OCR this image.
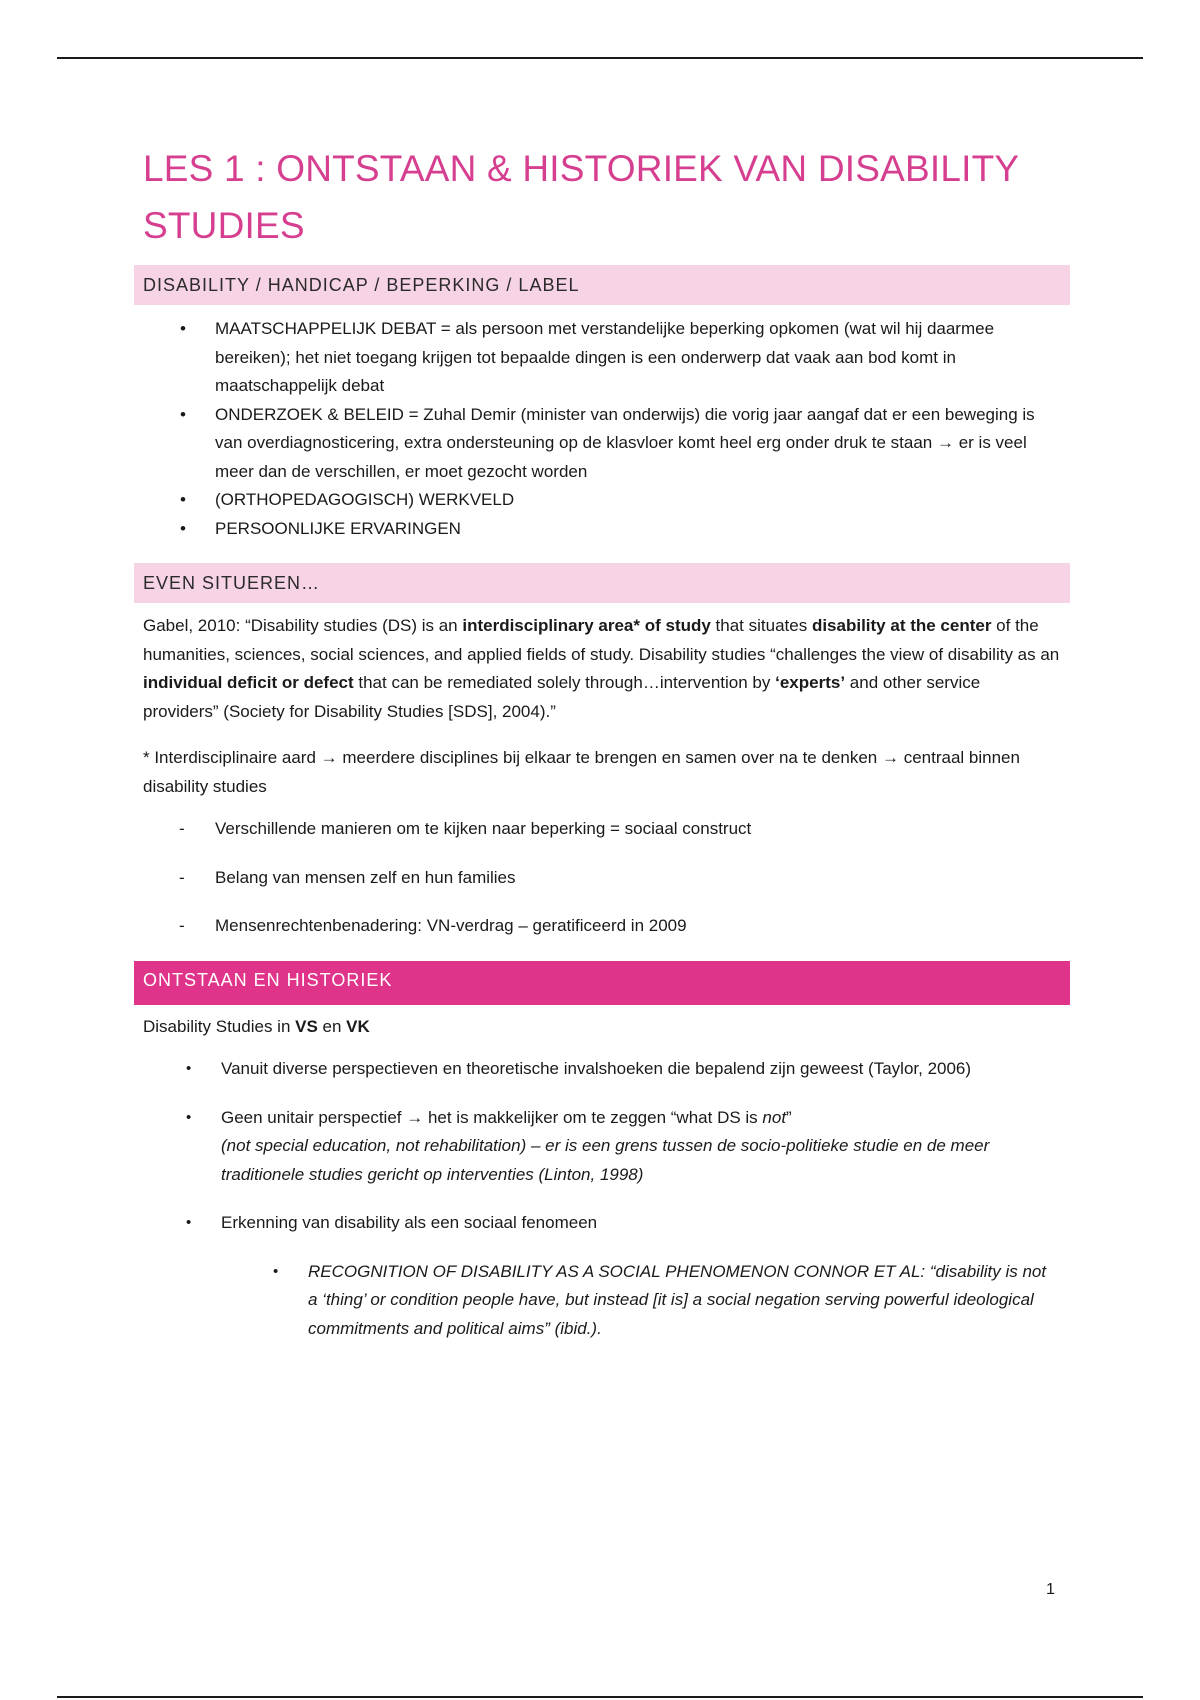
LES 1 : ONTSTAAN & HISTORIEK VAN DISABILITY STUDIES
DISABILITY / HANDICAP / BEPERKING / LABEL
• MAATSCHAPPELIJK DEBAT = als persoon met verstandelijke beperking opkomen (wat wil hij daarmee bereiken); het niet toegang krijgen tot bepaalde dingen is een onderwerp dat vaak aan bod komt in maatschappelijk debat
• ONDERZOEK & BELEID = Zuhal Demir (minister van onderwijs) die vorig jaar aangaf dat er een beweging is van overdiagnosticering, extra ondersteuning op de klasvloer komt heel erg onder druk te staan → er is veel meer dan de verschillen, er moet gezocht worden
• (ORTHOPEDAGOGISCH) WERKVELD
• PERSOONLIJKE ERVARINGEN
EVEN SITUEREN…

Gabel, 2010: “Disability studies (DS) is an interdisciplinary area* of study that situates disability at the center of the humanities, sciences, social sciences, and applied fields of study. Disability studies “challenges the view of disability as an individual deficit or defect that can be remediated solely through…intervention by ‘experts’ and other service providers” (Society for Disability Studies [SDS], 2004).”

* Interdisciplinaire aard → meerdere disciplines bij elkaar te brengen en samen over na te denken → centraal binnen disability studies

- Verschillende manieren om te kijken naar beperking = sociaal construct
- Belang van mensen zelf en hun families
- Mensenrechtenbenadering: VN-verdrag – geratificeerd in 2009
ONTSTAAN EN HISTORIEK

Disability Studies in VS en VK

• Vanuit diverse perspectieven en theoretische invalshoeken die bepalend zijn geweest (Taylor, 2006)
• Geen unitair perspectief → het is makkelijker om te zeggen “what DS is not”
(not special education, not rehabilitation) – er is een grens tussen de socio-politieke studie en de meer traditionele studies gericht op interventies (Linton, 1998)
• Erkenning van disability als een sociaal fenomeen
• RECOGNITION OF DISABILITY AS A SOCIAL PHENOMENON CONNOR ET AL: “disability is not a ‘thing’ or condition people have, but instead [it is] a social negation serving powerful ideological commitments and political aims” (ibid.).
1
